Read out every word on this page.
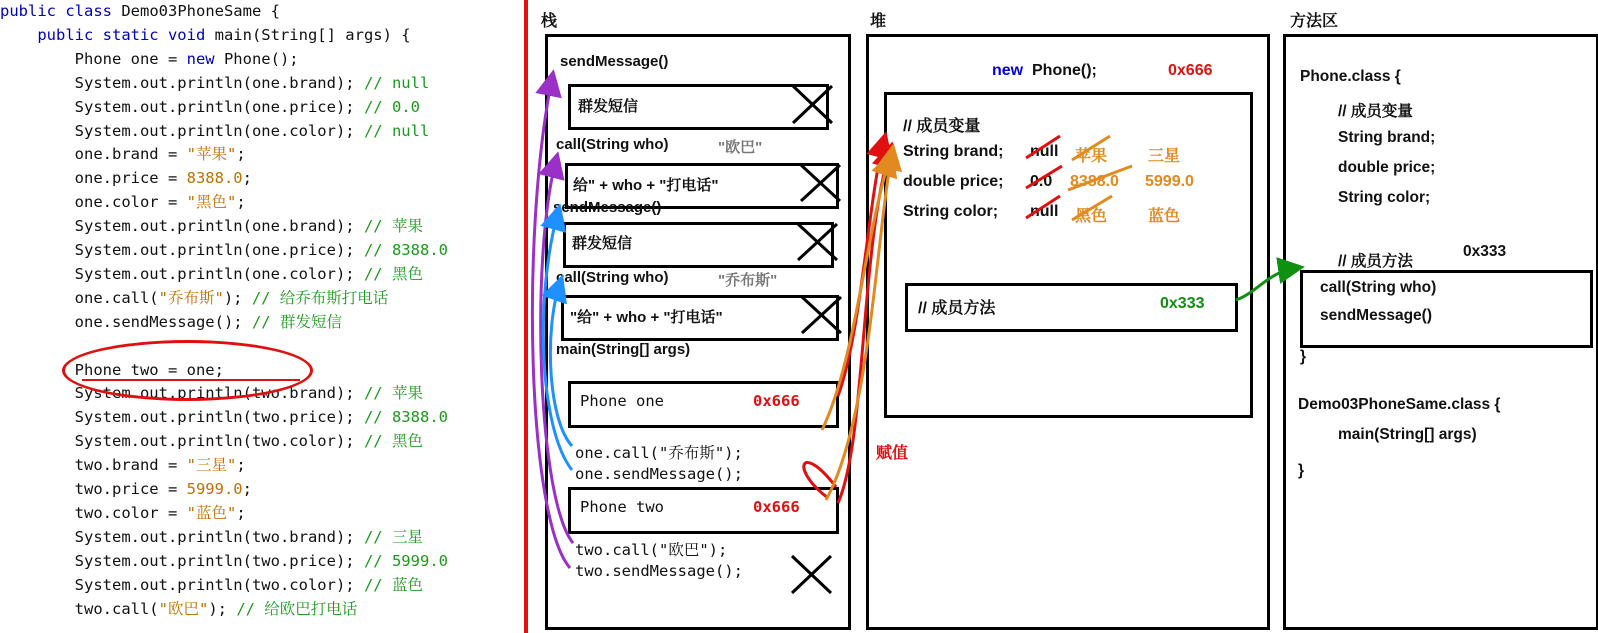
public class Demo03PhoneSame {
public static void main(String[] args) {
Phone one = new Phone();
System.out.println(one.brand); // null
System.out.println(one.price); // 0.0
System.out.println(one.color); // null
one.brand = "苹果";
one.price = 8388.0;
one.color = "黑色";
System.out.println(one.brand); // 苹果
System.out.println(one.price); // 8388.0
System.out.println(one.color); // 黑色
one.call("乔布斯"); // 给乔布斯打电话
one.sendMessage(); // 群发短信
Phone two = one;
System.out.println(two.brand); // 苹果
System.out.println(two.price); // 8388.0
System.out.println(two.color); // 黑色
two.brand = "三星";
two.price = 5999.0;
two.color = "蓝色";
System.out.println(two.brand); // 三星
System.out.println(two.price); // 5999.0
System.out.println(two.color); // 蓝色
two.call("欧巴"); // 给欧巴打电话
栈	堆	方法区
sendMessage()
群发短信
call(String who)	"欧巴"
给" + who + "打电话"
sendMessage()
群发短信
call(String who)	"乔布斯"
"给" + who + "打电话"
main(String[] args)
Phone one	0x666
one.call("乔布斯");
one.sendMessage();
Phone two	0x666
two.call("欧巴");
two.sendMessage();
new Phone();	0x666
// 成员变量
String brand; null 苹果	三星
double price; 0.0 8388.0 5999.0
String color; null 黑色	蓝色
// 成员方法	0x333
赋值
Phone.class {
// 成员变量
String brand;
double price;
String color;
// 成员方法
0x333
call(String who)
sendMessage()
}
Demo03PhoneSame.class {
main(String[] args)
}
